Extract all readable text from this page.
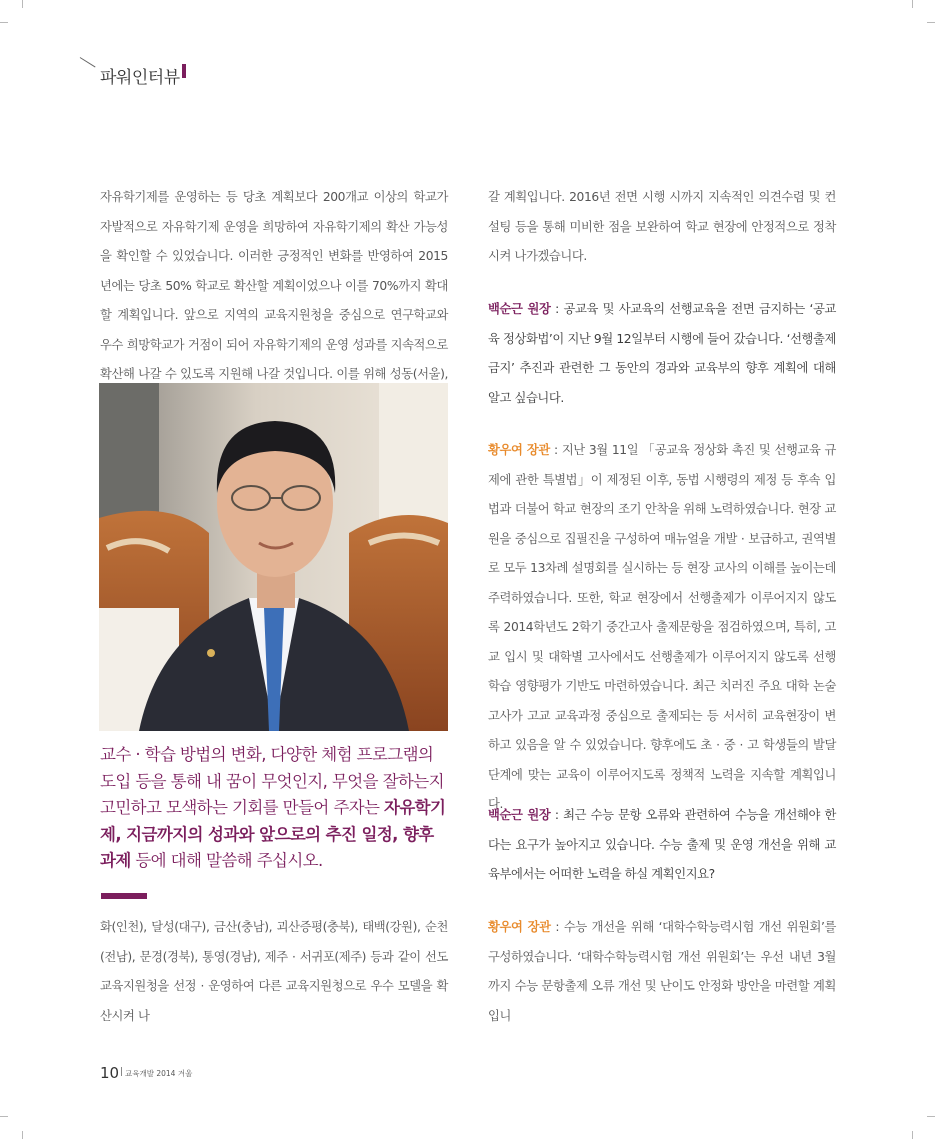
파워인터뷰

자유학기제를 운영하는 등 당초 계획보다 200개교 이상의 학교가 자발적으로 자유학기제 운영을 희망하여 자유학기제의 확산 가능성을 확인할 수 있었습니다. 이러한 긍정적인 변화를 반영하여 2015년에는 당초 50% 학교로 확산할 계획이었으나 이를 70%까지 확대할 계획입니다. 앞으로 지역의 교육지원청을 중심으로 연구학교와 우수 희망학교가 거점이 되어 자유학기제의 운영 성과를 지속적으로 확산해 나갈 수 있도록 지원해 나갈 것입니다. 이를 위해 성동(서울),

교수 · 학습 방법의 변화, 다양한 체험 프로그램의 도입 등을 통해 내 꿈이 무엇인지, 무엇을 잘하는지 고민하고 모색하는 기회를 만들어 주자는 자유학기제, 지금까지의 성과와 앞으로의 추진 일정, 향후 과제 등에 대해 말씀해 주십시오.

화(인천), 달성(대구), 금산(충남), 괴산증평(충북), 태백(강원), 순천(전남), 문경(경북), 통영(경남), 제주 · 서귀포(제주) 등과 같이 선도 교육지원청을 선정 · 운영하여 다른 교육지원청으로 우수 모델을 확산시켜 나

갈 계획입니다. 2016년 전면 시행 시까지 지속적인 의견수렴 및 컨설팅 등을 통해 미비한 점을 보완하여 학교 현장에 안정적으로 정착시켜 나가겠습니다.

백순근 원장 : 공교육 및 사교육의 선행교육을 전면 금지하는 ‘공교육 정상화법’이 지난 9월 12일부터 시행에 들어 갔습니다. ‘선행출제 금지’ 추진과 관련한 그 동안의 경과와 교육부의 향후 계획에 대해 알고 싶습니다.

황우여 장관 : 지난 3월 11일 「공교육 정상화 촉진 및 선행교육 규제에 관한 특별법」이 제정된 이후, 동법 시행령의 제정 등 후속 입법과 더불어 학교 현장의 조기 안착을 위해 노력하였습니다. 현장 교원을 중심으로 집필진을 구성하여 매뉴얼을 개발 · 보급하고, 권역별로 모두 13차례 설명회를 실시하는 등 현장 교사의 이해를 높이는데 주력하였습니다. 또한, 학교 현장에서 선행출제가 이루어지지 않도록 2014학년도 2학기 중간고사 출제문항을 점검하였으며, 특히, 고교 입시 및 대학별 고사에서도 선행출제가 이루어지지 않도록 선행학습 영향평가 기반도 마련하였습니다. 최근 치러진 주요 대학 논술고사가 고교 교육과정 중심으로 출제되는 등 서서히 교육현장이 변하고 있음을 알 수 있었습니다. 향후에도 초 · 중 · 고 학생들의 발달단계에 맞는 교육이 이루어지도록 정책적 노력을 지속할 계획입니다.

백순근 원장 : 최근 수능 문항 오류와 관련하여 수능을 개선해야 한다는 요구가 높아지고 있습니다. 수능 출제 및 운영 개선을 위해 교육부에서는 어떠한 노력을 하실 계획인지요?

황우여 장관 : 수능 개선을 위해 ‘대학수학능력시험 개선 위원회’를 구성하였습니다. ‘대학수학능력시험 개선 위원회’는 우선 내년 3월까지 수능 문항출제 오류 개선 및 난이도 안정화 방안을 마련할 계획입니

10 교육개발 2014 겨울
